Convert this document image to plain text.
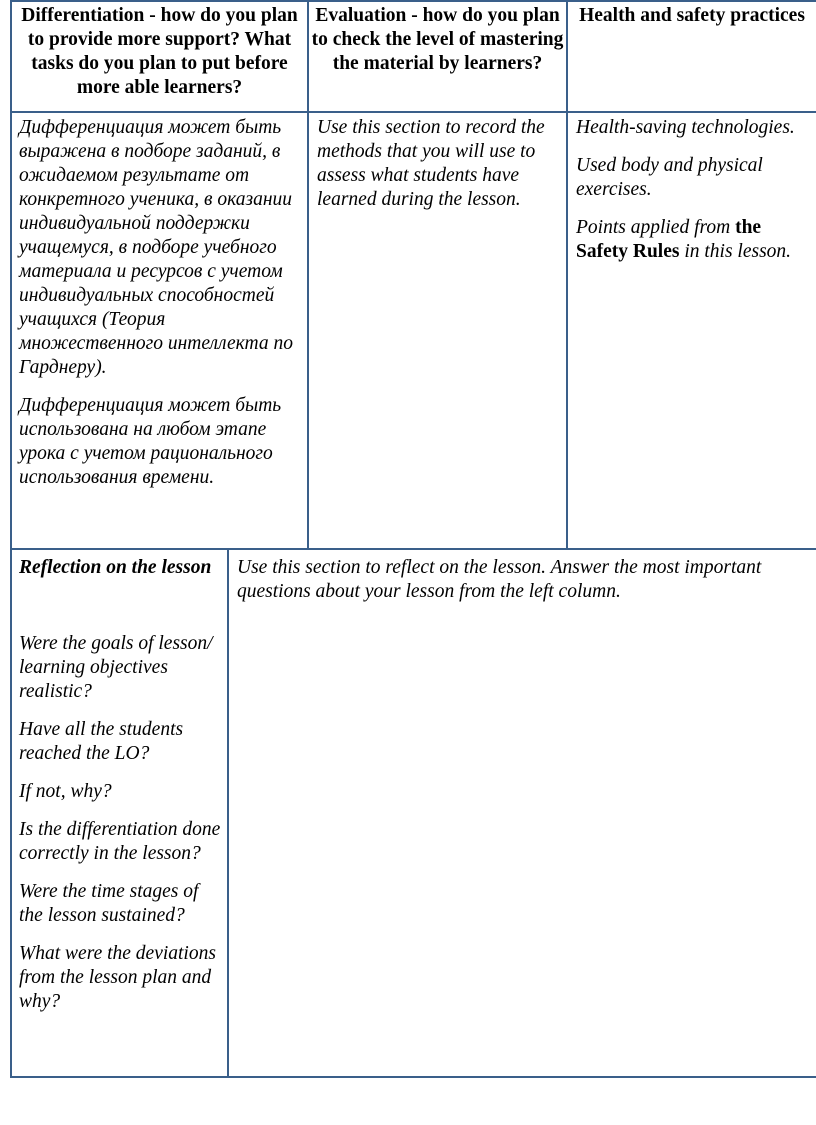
Differentiation - how do you plan to provide more support? What tasks do you plan to put before more able learners?
Evaluation - how do you plan to check the level of mastering the material by learners?
Health and safety practices

Дифференциация может быть выражена в подборе заданий, в ожидаемом результате от конкретного ученика, в оказании индивидуальной поддержки учащемуся, в подборе учебного материала и ресурсов с учетом индивидуальных способностей учащихся (Теория множественного интеллекта по Гарднеру).

Дифференциация может быть использована на любом этапе урока с учетом рационального использования времени.

Use this section to record the methods that you will use to assess what students have learned during the lesson.

Health-saving technologies.

Used body and physical exercises.

Points applied from the Safety Rules in this lesson.

Reflection on the lesson

Were the goals of lesson/ learning objectives realistic?

Have all the students reached the LO?

If not, why?

Is the differentiation done correctly in the lesson?

Were the time stages of the lesson sustained?

What were the deviations from the lesson plan and why?

Use this section to reflect on the lesson. Answer the most important questions about your lesson from the left column.
